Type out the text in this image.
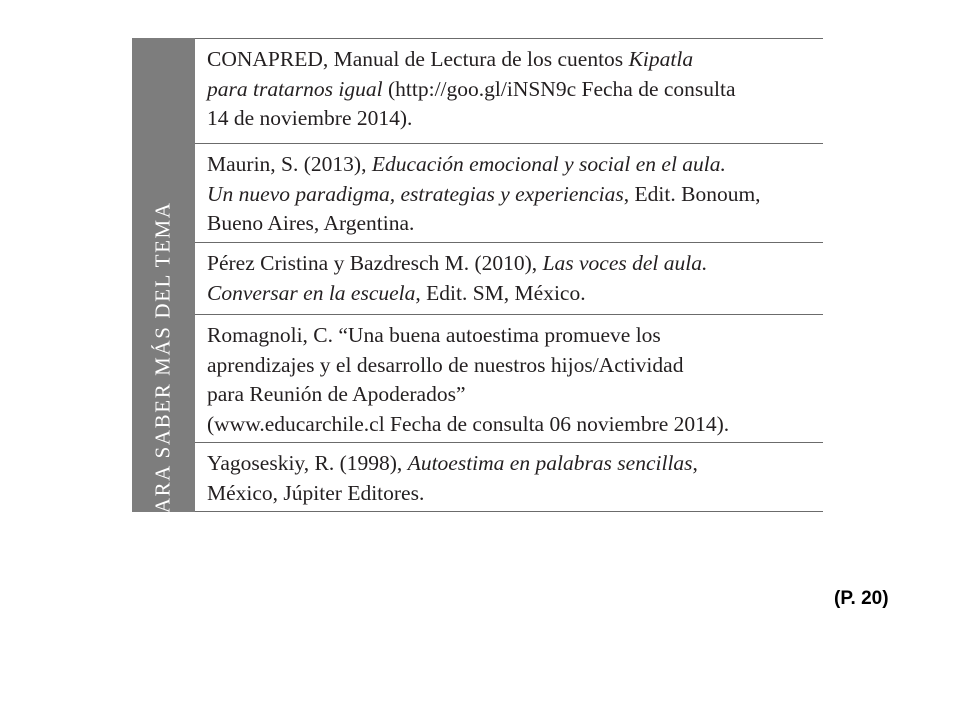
PARA SABER MÁS DEL TEMA
CONAPRED, Manual de Lectura de los cuentos Kipatla
para tratarnos igual (http://goo.gl/iNSN9c Fecha de consulta
14 de noviembre 2014).
Maurin, S. (2013), Educación emocional y social en el aula.
Un nuevo paradigma, estrategias y experiencias, Edit. Bonoum,
Bueno Aires, Argentina.
Pérez Cristina y Bazdresch M. (2010), Las voces del aula.
Conversar en la escuela, Edit. SM, México.
Romagnoli, C. “Una buena autoestima promueve los
aprendizajes y el desarrollo de nuestros hijos/Actividad
para Reunión de Apoderados”
(www.educarchile.cl Fecha de consulta 06 noviembre 2014).
Yagoseskiy, R. (1998), Autoestima en palabras sencillas,
México, Júpiter Editores.
(P. 20)
